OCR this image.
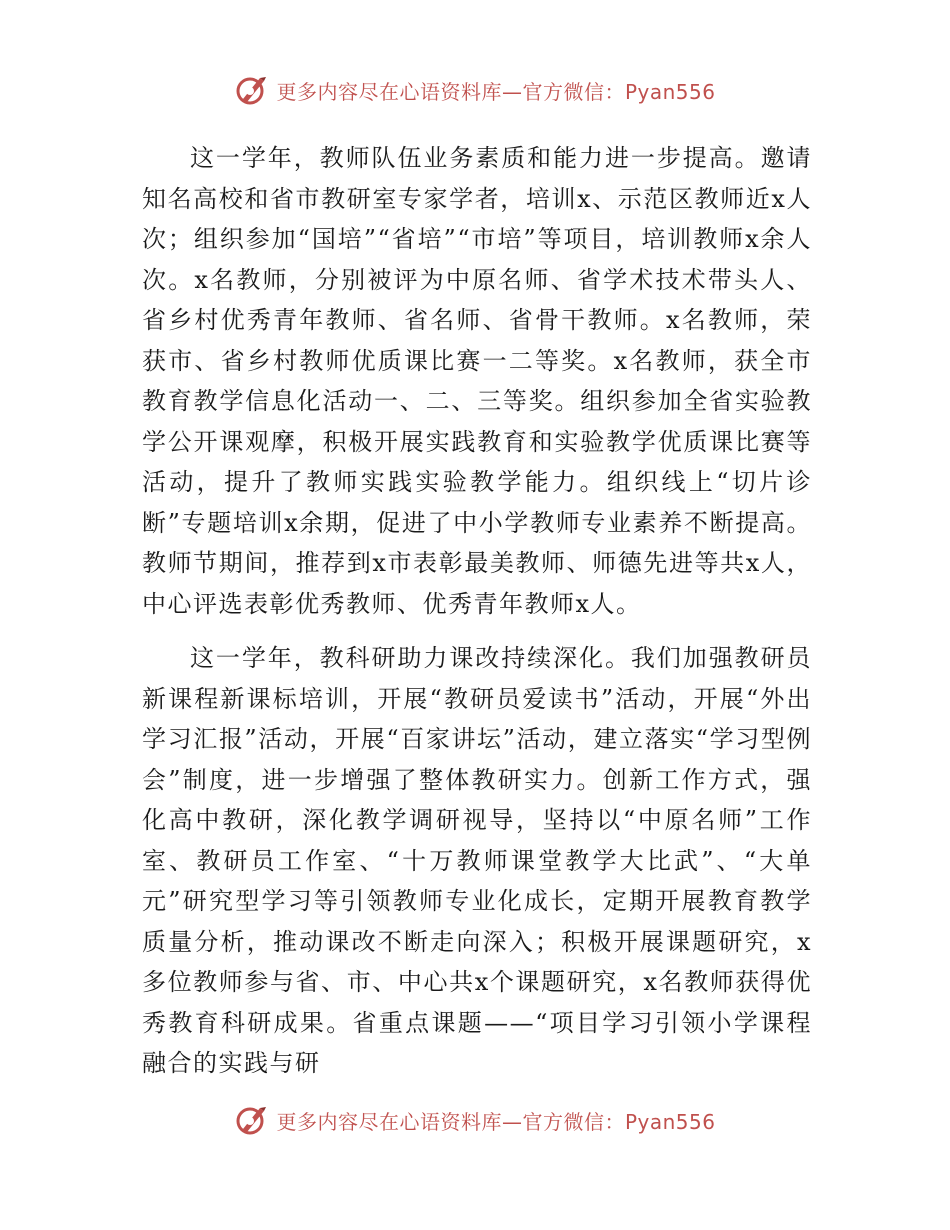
更多内容尽在心语资料库—官方微信：Pyan556

这一学年，教师队伍业务素质和能力进一步提高。邀请知名高校和省市教研室专家学者，培训x、示范区教师近x人次；组织参加“国培”“省培”“市培”等项目，培训教师x余人次。x名教师，分别被评为中原名师、省学术技术带头人、省乡村优秀青年教师、省名师、省骨干教师。x名教师，荣获市、省乡村教师优质课比赛一二等奖。x名教师，获全市教育教学信息化活动一、二、三等奖。组织参加全省实验教学公开课观摩，积极开展实践教育和实验教学优质课比赛等活动，提升了教师实践实验教学能力。组织线上“切片诊断”专题培训x余期，促进了中小学教师专业素养不断提高。教师节期间，推荐到x市表彰最美教师、师德先进等共x人，中心评选表彰优秀教师、优秀青年教师x人。

这一学年，教科研助力课改持续深化。我们加强教研员新课程新课标培训，开展“教研员爱读书”活动，开展“外出学习汇报”活动，开展“百家讲坛”活动，建立落实“学习型例会”制度，进一步增强了整体教研实力。创新工作方式，强化高中教研，深化教学调研视导，坚持以“中原名师”工作室、教研员工作室、“十万教师课堂教学大比武”、“大单元”研究型学习等引领教师专业化成长，定期开展教育教学质量分析，推动课改不断走向深入；积极开展课题研究，x多位教师参与省、市、中心共x个课题研究，x名教师获得优秀教育科研成果。省重点课题——“项目学习引领小学课程融合的实践与研

更多内容尽在心语资料库—官方微信：Pyan556
